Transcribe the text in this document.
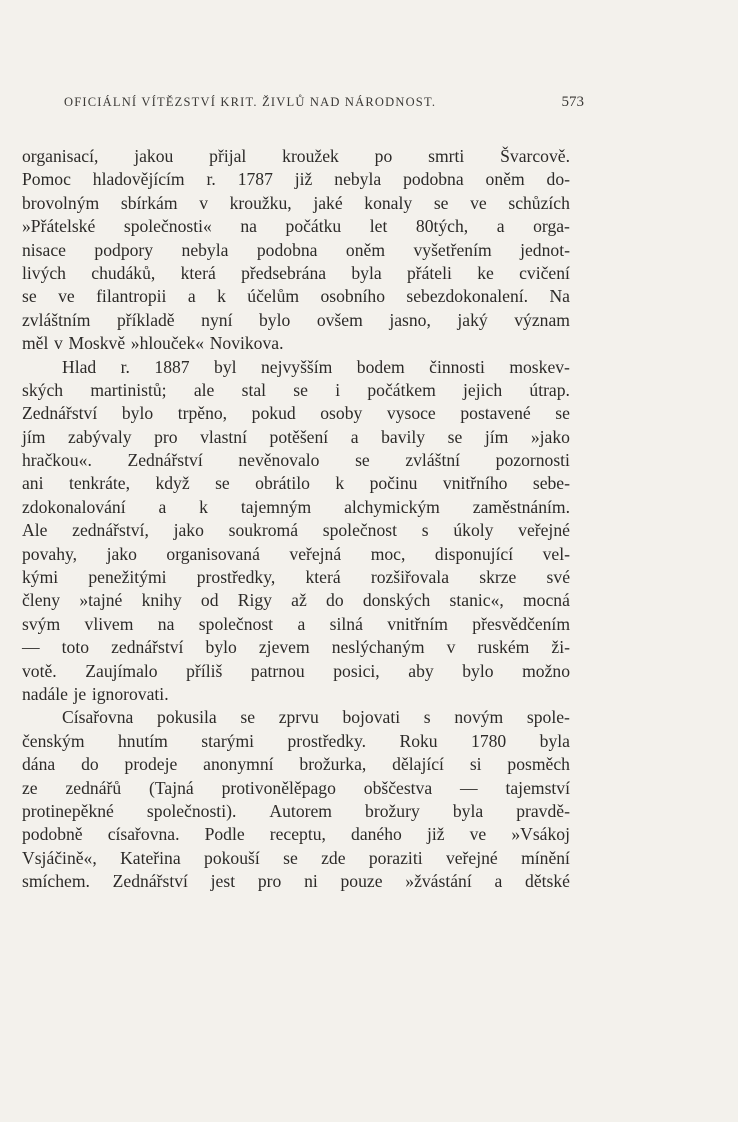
OFICIÁLNÍ VÍTĚZSTVÍ KRIT. ŽIVLŮ NAD NÁRODNOST.	573
organisací, jakou přijal kroužek po smrti Švarcově.
Pomoc hladovějícím r. 1787 již nebyla podobna oněm do-
brovolným sbírkám v kroužku, jaké konaly se ve schůzích
»Přátelské společnosti« na počátku let 80tých, a orga-
nisace podpory nebyla podobna oněm vyšetřením jednot-
livých chudáků, která předsebrána byla přáteli ke cvičení
se ve filantropii a k účelům osobního sebezdokonalení. Na
zvláštním příkladě nyní bylo ovšem jasno, jaký význam
měl v Moskvě »hlouček« Novikova.
Hlad r. 1887 byl nejvyšším bodem činnosti moskev-
ských martinistů; ale stal se i počátkem jejich útrap.
Zednářství bylo trpěno, pokud osoby vysoce postavené se
jím zabývaly pro vlastní potěšení a bavily se jím »jako
hračkou«. Zednářství nevěnovalo se zvláštní pozornosti
ani tenkráte, když se obrátilo k počinu vnitřního sebe-
zdokonalování a k tajemným alchymickým zaměstnáním.
Ale zednářství, jako soukromá společnost s úkoly veřejné
povahy, jako organisovaná veřejná moc, disponující vel-
kými penežitými prostředky, která rozšiřovala skrze své
členy »tajné knihy od Rigy až do donských stanic«, mocná
svým vlivem na společnost a silná vnitřním přesvědčením
— toto zednářství bylo zjevem neslýchaným v ruském ži-
votě. Zaujímalo příliš patrnou posici, aby bylo možno
nadále je ignorovati.
Císařovna pokusila se zprvu bojovati s novým spole-
čenským hnutím starými prostředky. Roku 1780 byla
dána do prodeje anonymní brožurka, dělající si posměch
ze zednářů (Tajná protivonělěpago obščestva — tajemství
protinepěkné společnosti). Autorem brožury byla pravdě-
podobně císařovna. Podle receptu, daného již ve »Vsákoj
Vsjáčině«, Kateřina pokouší se zde poraziti veřejné mínění
smíchem. Zednářství jest pro ni pouze »žvástání a dětské
